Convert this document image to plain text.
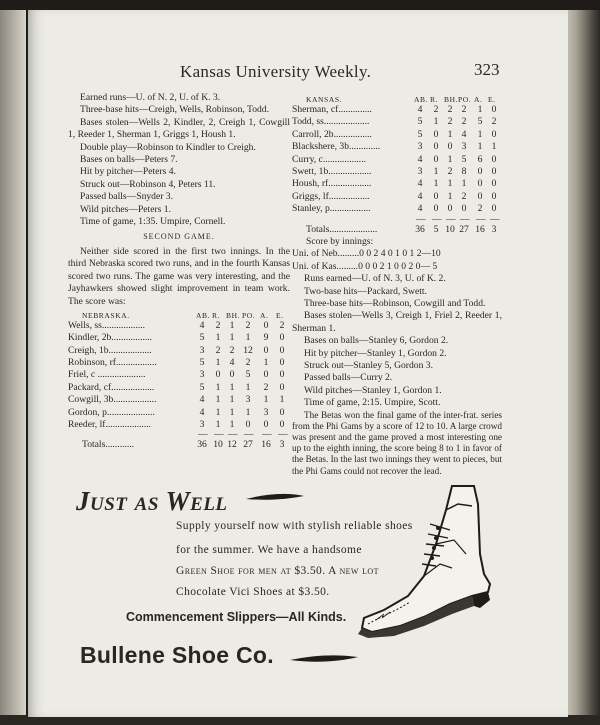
Kansas University Weekly.	323

Earned runs—U. of N. 2, U. of K. 3.

Three-base hits—Creigh, Wells, Robinson, Todd.

Bases stolen—Wells 2, Kindler, 2, Creigh 1, Cowgill 1, Reeder 1, Sherman 1, Griggs 1, Housh 1.

Double play—Robinson to Kindler to Creigh.

Bases on balls—Peters 7.

Hit by pitcher—Peters 4.

Struck out—Robinson 4, Peters 11.

Passed balls—Snyder 3.

Wild pitches—Peters 1.

Time of game, 1:35. Umpire, Cornell.

SECOND GAME.

Neither side scored in the first two innings. In the third Nebraska scored two runs, and in the fourth Kansas scored two runs. The game was very interesting, and the Jayhawkers showed slight improvement in team work. The score was:

NEBRASKA.	AB. R. BH. PO. A. E.
Wells, ss..................	4	2 1	2	0	2
Kindler, 2b.................	5	1 1	1	9	0
Creigh, 1b..................	3	2 2 12	0	0
Robinson, rf.................	5	1 4	2	1	0
Friel, c ....................	3	0 0	5	0	0
Packard, cf..................	5	1 1	1	2	0
Cowgill, 3b..................	4	1 1	3	1	1
Gordon, p....................	4	1 1	1	3	0
Reeder, lf...................	3	1 1	0	0	0
— — — — — —
Totals............	36 10 12 27 16 3
KANSAS.	AB. R. BH. PO. A. E.
Sherman, cf..............	4	2 2 2	1 0
Todd, ss...................	5	1 2 2	5 2
Carroll, 2b................	5	0 1 4	1 0
Blackshere, 3b.............	3	0 0 3	1 1
Curry, c..................	4	0 1 5	6 0
Swett, 1b..................	3	1 2 8	0 0
Housh, rf..................	4	1 1 1	0 0
Griggs, lf.................	4	0 1 2	0 0
Stanley, p.................	4	0 0 0	2 0
— — — — — —
Totals....................	36 5 10 27 16 3

Score by innings:

Uni. of Neb.........0 0 2 4 0 1 0 1 2—10

Uni. of Kas.........0 0 0 2 1 0 0 2 0— 5

Runs earned—U. of N. 3, U. of K. 2.

Two-base hits—Packard, Swett.

Three-base hits—Robinson, Cowgill and Todd.

Bases stolen—Wells 3, Creigh 1, Friel 2, Reeder 1, Sherman 1.

Bases on balls—Stanley 6, Gordon 2.

Hit by pitcher—Stanley 1, Gordon 2.

Struck out—Stanley 5, Gordon 3.

Passed balls—Curry 2.

Wild pitches—Stanley 1, Gordon 1.

Time of game, 2:15. Umpire, Scott.

The Betas won the final game of the inter-frat. series from the Phi Gams by a score of 12 to 10. A large crowd was present and the game proved a most interesting one up to the eighth inning, the score being 8 to 1 in favor of the Betas. In the last two innings they went to pieces, but the Phi Gams could not recover the lead.

Just as Well
Supply yourself now with stylish reliable shoes
for the summer. We have a handsome
Green Shoe for men at $3.50. A new lot
Chocolate Vici Shoes at $3.50.
Commencement Slippers—All Kinds.
Bullene Shoe Co.
